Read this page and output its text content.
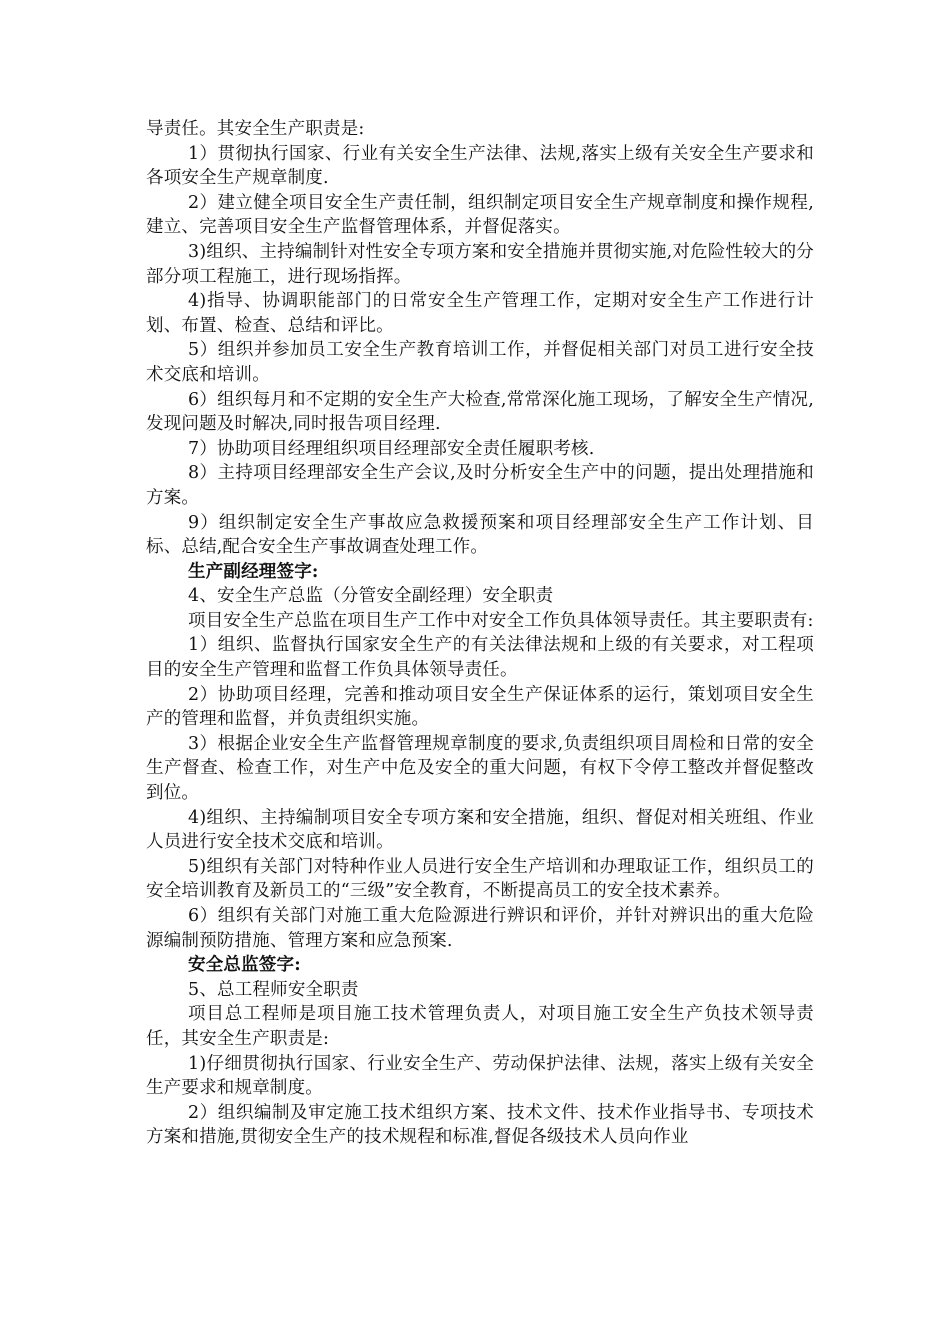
导责任。其安全生产职责是:

1）贯彻执行国家、行业有关安全生产法律、法规,落实上级有关安全生产要求和各项安全生产规章制度.

2）建立健全项目安全生产责任制，组织制定项目安全生产规章制度和操作规程,建立、完善项目安全生产监督管理体系，并督促落实。

3)组织、主持编制针对性安全专项方案和安全措施并贯彻实施,对危险性较大的分部分项工程施工，进行现场指挥。

4)指导、协调职能部门的日常安全生产管理工作，定期对安全生产工作进行计划、布置、检查、总结和评比。

5）组织并参加员工安全生产教育培训工作，并督促相关部门对员工进行安全技术交底和培训。

6）组织每月和不定期的安全生产大检查,常常深化施工现场，了解安全生产情况,发现问题及时解决,同时报告项目经理.

7）协助项目经理组织项目经理部安全责任履职考核.

8）主持项目经理部安全生产会议,及时分析安全生产中的问题，提出处理措施和方案。

9）组织制定安全生产事故应急救援预案和项目经理部安全生产工作计划、目标、总结,配合安全生产事故调查处理工作。

生产副经理签字:

4、安全生产总监（分管安全副经理）安全职责

项目安全生产总监在项目生产工作中对安全工作负具体领导责任。其主要职责有:

1）组织、监督执行国家安全生产的有关法律法规和上级的有关要求，对工程项目的安全生产管理和监督工作负具体领导责任。

2）协助项目经理，完善和推动项目安全生产保证体系的运行，策划项目安全生产的管理和监督，并负责组织实施。

3）根据企业安全生产监督管理规章制度的要求,负责组织项目周检和日常的安全生产督查、检查工作，对生产中危及安全的重大问题，有权下令停工整改并督促整改到位。

4)组织、主持编制项目安全专项方案和安全措施，组织、督促对相关班组、作业人员进行安全技术交底和培训。

5)组织有关部门对特种作业人员进行安全生产培训和办理取证工作，组织员工的安全培训教育及新员工的“三级”安全教育，不断提高员工的安全技术素养。

6）组织有关部门对施工重大危险源进行辨识和评价，并针对辨识出的重大危险源编制预防措施、管理方案和应急预案.

安全总监签字:

5、总工程师安全职责

项目总工程师是项目施工技术管理负责人，对项目施工安全生产负技术领导责任，其安全生产职责是:

1)仔细贯彻执行国家、行业安全生产、劳动保护法律、法规，落实上级有关安全生产要求和规章制度。

2）组织编制及审定施工技术组织方案、技术文件、技术作业指导书、专项技术方案和措施,贯彻安全生产的技术规程和标准,督促各级技术人员向作业
